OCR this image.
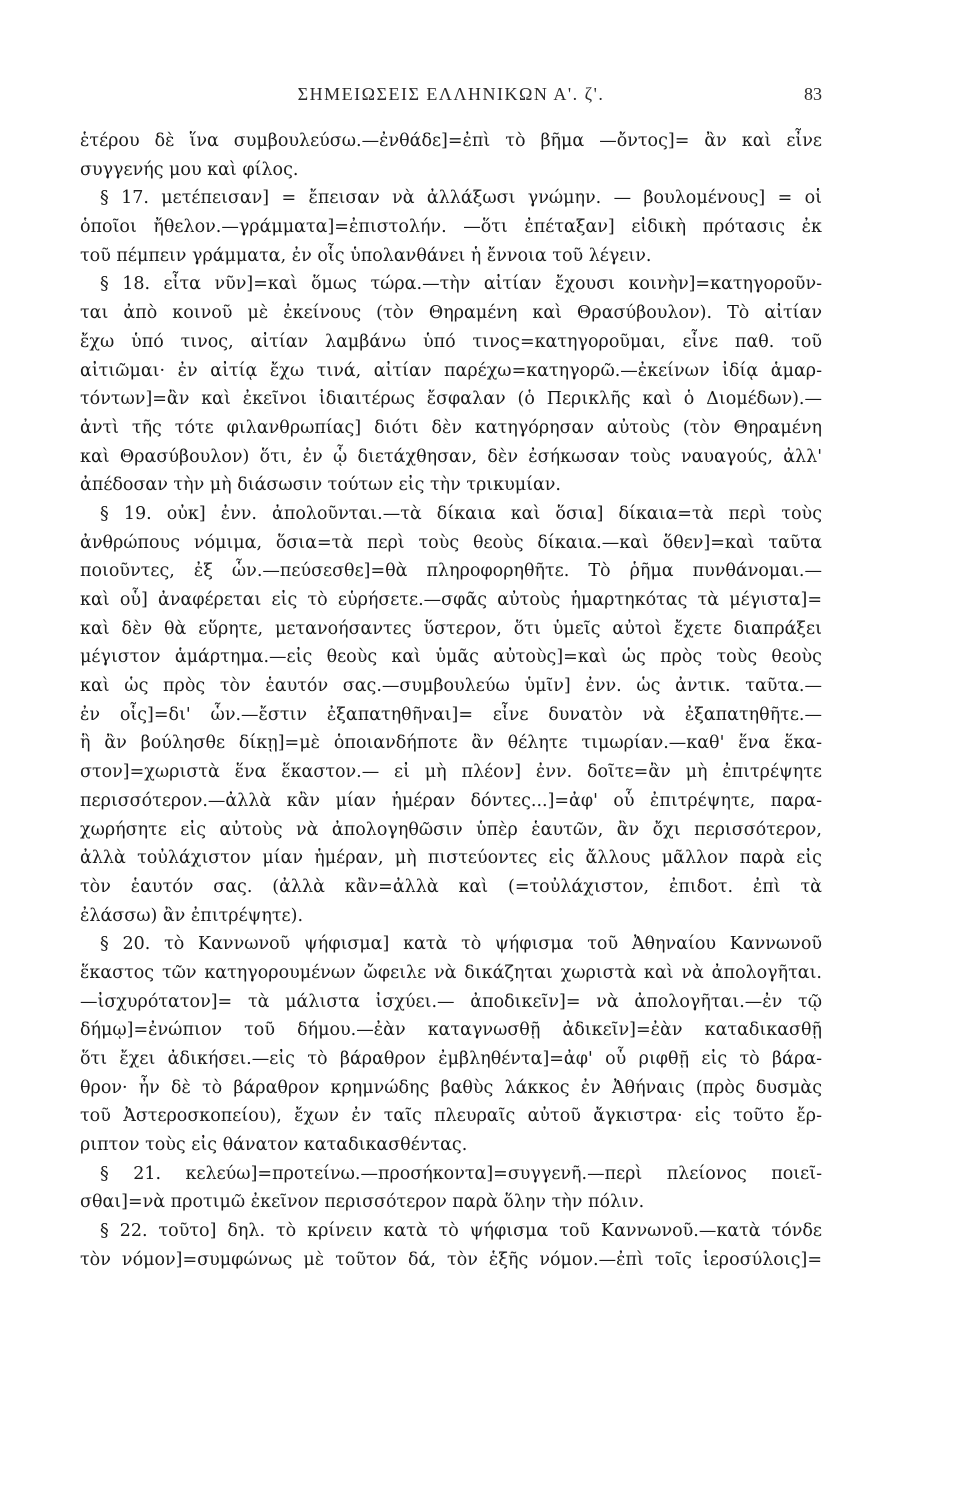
ΣΗΜΕΙΩΣΕΙΣ ΕΛΛΗΝΙΚΩΝ Α'. ζ'.	83
ἑτέρου δὲ ἵνα συμβουλεύσω.—ἐνθάδε]=ἐπὶ τὸ βῆμα —ὄντος]= ἂν καὶ εἶνε
συγγενής μου καὶ φίλος.
§ 17. μετέπεισαν] = ἔπεισαν νὰ ἀλλάξωσι γνώμην. — βουλομένους] = οἱ
ὁποῖοι ἤθελον.—γράμματα]=ἐπιστολήν. —ὅτι ἐπέταξαν] εἰδικὴ πρότασις ἐκ
τοῦ πέμπειν γράμματα, ἐν οἷς ὑπολανθάνει ἡ ἔννοια τοῦ λέγειν.
§ 18. εἶτα νῦν]=καὶ ὅμως τώρα.—τὴν αἰτίαν ἔχουσι κοινὴν]=κατηγοροῦν-
ται ἀπὸ κοινοῦ μὲ ἐκείνους (τὸν Θηραμένη καὶ Θρασύβουλον). Τὸ αἰτίαν
ἔχω ὑπό τινος, αἰτίαν λαμβάνω ὑπό τινος=κατηγοροῦμαι, εἶνε παθ. τοῦ
αἰτιῶμαι· ἐν αἰτίᾳ ἔχω τινά, αἰτίαν παρέχω=κατηγορῶ.—ἐκείνων ἰδίᾳ ἁμαρ-
τόντων]=ἂν καὶ ἐκεῖνοι ἰδιαιτέρως ἔσφαλαν (ὁ Περικλῆς καὶ ὁ Διομέδων).—
ἀντὶ τῆς τότε φιλανθρωπίας] διότι δὲν κατηγόρησαν αὐτοὺς (τὸν Θηραμένη
καὶ Θρασύβουλον) ὅτι, ἐν ᾧ διετάχθησαν, δὲν ἐσήκωσαν τοὺς ναυαγούς, ἀλλ'
ἀπέδοσαν τὴν μὴ διάσωσιν τούτων εἰς τὴν τρικυμίαν.
§ 19. οὐκ] ἐνν. ἀπολοῦνται.—τὰ δίκαια καὶ ὅσια] δίκαια=τὰ περὶ τοὺς
ἀνθρώπους νόμιμα, ὅσια=τὰ περὶ τοὺς θεοὺς δίκαια.—καὶ ὅθεν]=καὶ ταῦτα
ποιοῦντες, ἐξ ὧν.—πεύσεσθε]=θὰ πληροφορηθῆτε. Τὸ ῥῆμα πυνθάνομαι.—
καὶ οὗ] ἀναφέρεται εἰς τὸ εὑρήσετε.—σφᾶς αὐτοὺς ἡμαρτηκότας τὰ μέγιστα]=
καὶ δὲν θὰ εὕρητε, μετανοήσαντες ὕστερον, ὅτι ὑμεῖς αὐτοὶ ἔχετε διαπράξει
μέγιστον ἁμάρτημα.—εἰς θεοὺς καὶ ὑμᾶς αὐτοὺς]=καὶ ὡς πρὸς τοὺς θεοὺς
καὶ ὡς πρὸς τὸν ἑαυτόν σας.—συμβουλεύω ὑμῖν] ἐνν. ὡς ἀντικ. ταῦτα.—
ἐν οἷς]=δι' ὧν.—ἔστιν ἐξαπατηθῆναι]= εἶνε δυνατὸν νὰ ἐξαπατηθῆτε.—
ἣ ἂν βούλησθε δίκῃ]=μὲ ὁποιανδήποτε ἂν θέλητε τιμωρίαν.—καθ' ἕνα ἕκα-
στον]=χωριστὰ ἕνα ἕκαστον.— εἰ μὴ πλέον] ἐνν. δοῖτε=ἂν μὴ ἐπιτρέψητε
περισσότερον.—ἀλλὰ κἂν μίαν ἡμέραν δόντες...]=ἀφ' οὗ ἐπιτρέψητε, παρα-
χωρήσητε εἰς αὐτοὺς νὰ ἀπολογηθῶσιν ὑπὲρ ἑαυτῶν, ἂν ὄχι περισσότερον,
ἀλλὰ τοὐλάχιστον μίαν ἡμέραν, μὴ πιστεύοντες εἰς ἄλλους μᾶλλον παρὰ εἰς
τὸν ἑαυτόν σας. (ἀλλὰ κἂν=ἀλλὰ καὶ (=τοὐλάχιστον, ἐπιδοτ. ἐπὶ τὰ
ἐλάσσω) ἂν ἐπιτρέψητε).
§ 20. τὸ Καννωνοῦ ψήφισμα] κατὰ τὸ ψήφισμα τοῦ Ἀθηναίου Καννωνοῦ
ἕκαστος τῶν κατηγορουμένων ὤφειλε νὰ δικάζηται χωριστὰ καὶ νὰ ἀπολογῆται.
—ἰσχυρότατον]= τὰ μάλιστα ἰσχύει.— ἀποδικεῖν]= νὰ ἀπολογῆται.—ἐν τῷ
δήμῳ]=ἐνώπιον τοῦ δήμου.—ἐὰν καταγνωσθῇ ἀδικεῖν]=ἐὰν καταδικασθῇ
ὅτι ἔχει ἀδικήσει.—εἰς τὸ βάραθρον ἐμβληθέντα]=ἀφ' οὗ ριφθῇ εἰς τὸ βάρα-
θρον· ἦν δὲ τὸ βάραθρον κρημνώδης βαθὺς λάκκος ἐν Ἀθήναις (πρὸς δυσμὰς
τοῦ Ἀστεροσκοπείου), ἔχων ἐν ταῖς πλευραῖς αὐτοῦ ἄγκιστρα· εἰς τοῦτο ἔρ-
ριπτον τοὺς εἰς θάνατον καταδικασθέντας.
§ 21. κελεύω]=προτείνω.—προσήκοντα]=συγγενῆ.—περὶ πλείονος ποιεῖ-
σθαι]=νὰ προτιμῶ ἐκεῖνον περισσότερον παρὰ ὅλην τὴν πόλιν.
§ 22. τοῦτο] δηλ. τὸ κρίνειν κατὰ τὸ ψήφισμα τοῦ Καννωνοῦ.—κατὰ τόνδε
τὸν νόμον]=συμφώνως μὲ τοῦτον δά, τὸν ἑξῆς νόμον.—ἐπὶ τοῖς ἱεροσύλοις]=
